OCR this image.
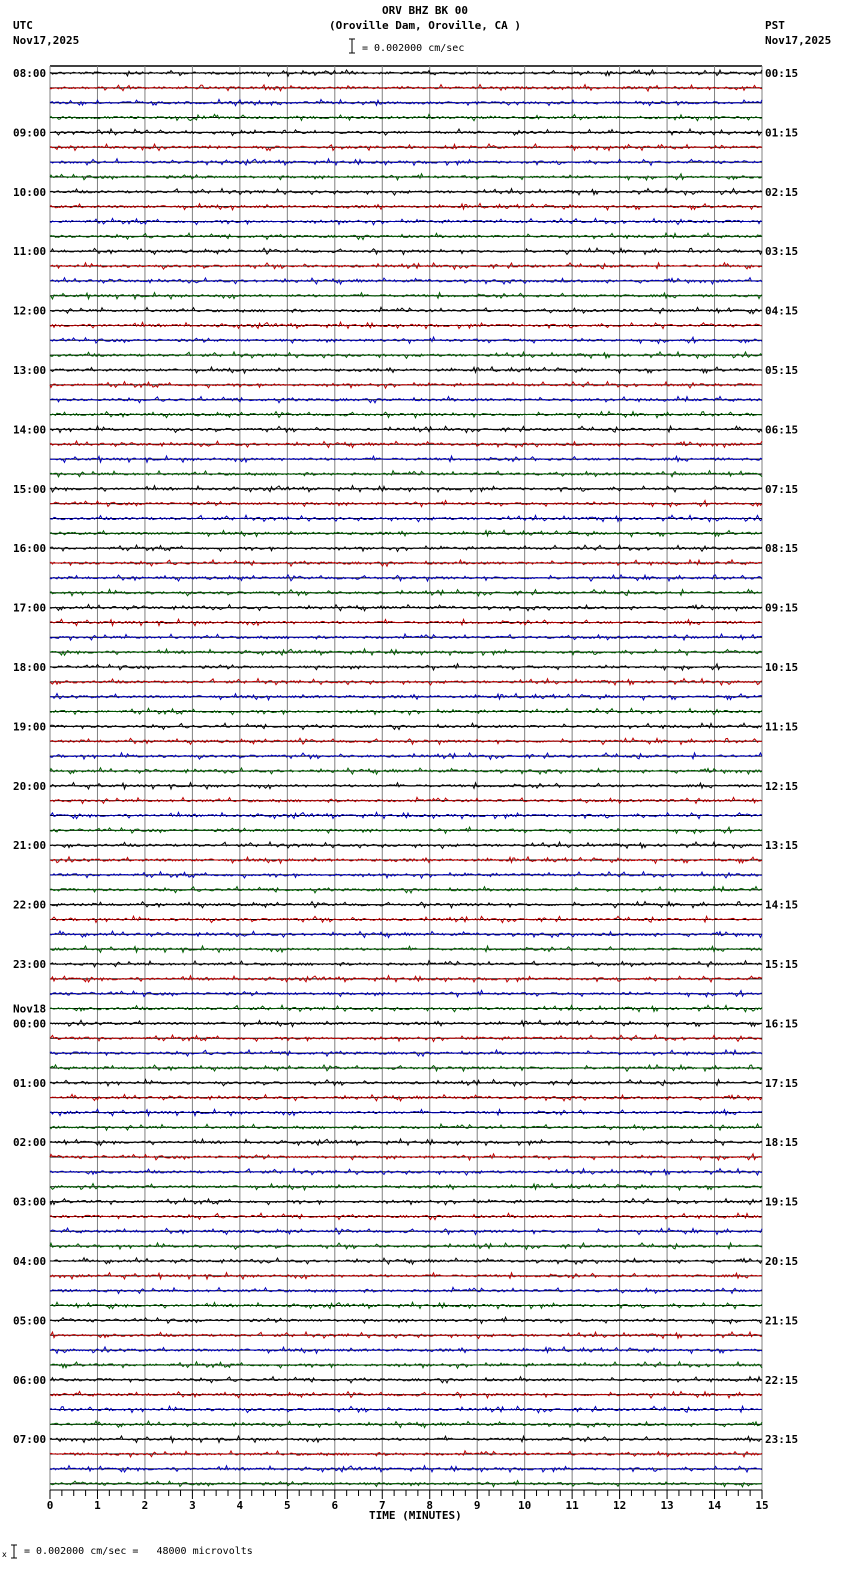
ORV BHZ BK 00
(Oroville Dam, Oroville, CA )
UTC
Nov17,2025
PST
Nov17,2025
= 0.002000 cm/sec
08:00
09:00
10:00
11:00
12:00
13:00
14:00
15:00
16:00
17:00
18:00
19:00
20:00
21:00
22:00
23:00
Nov18
00:00
01:00
02:00
03:00
04:00
05:00
06:00
07:00
00:15
01:15
02:15
03:15
04:15
05:15
06:15
07:15
08:15
09:15
10:15
11:15
12:15
13:15
14:15
15:15
16:15
17:15
18:15
19:15
20:15
21:15
22:15
23:15
0	1	2	3	4	5	6	7	8	9	10	11	12	13	14	15
TIME (MINUTES)
x = 0.002000 cm/sec =   48000 microvolts
